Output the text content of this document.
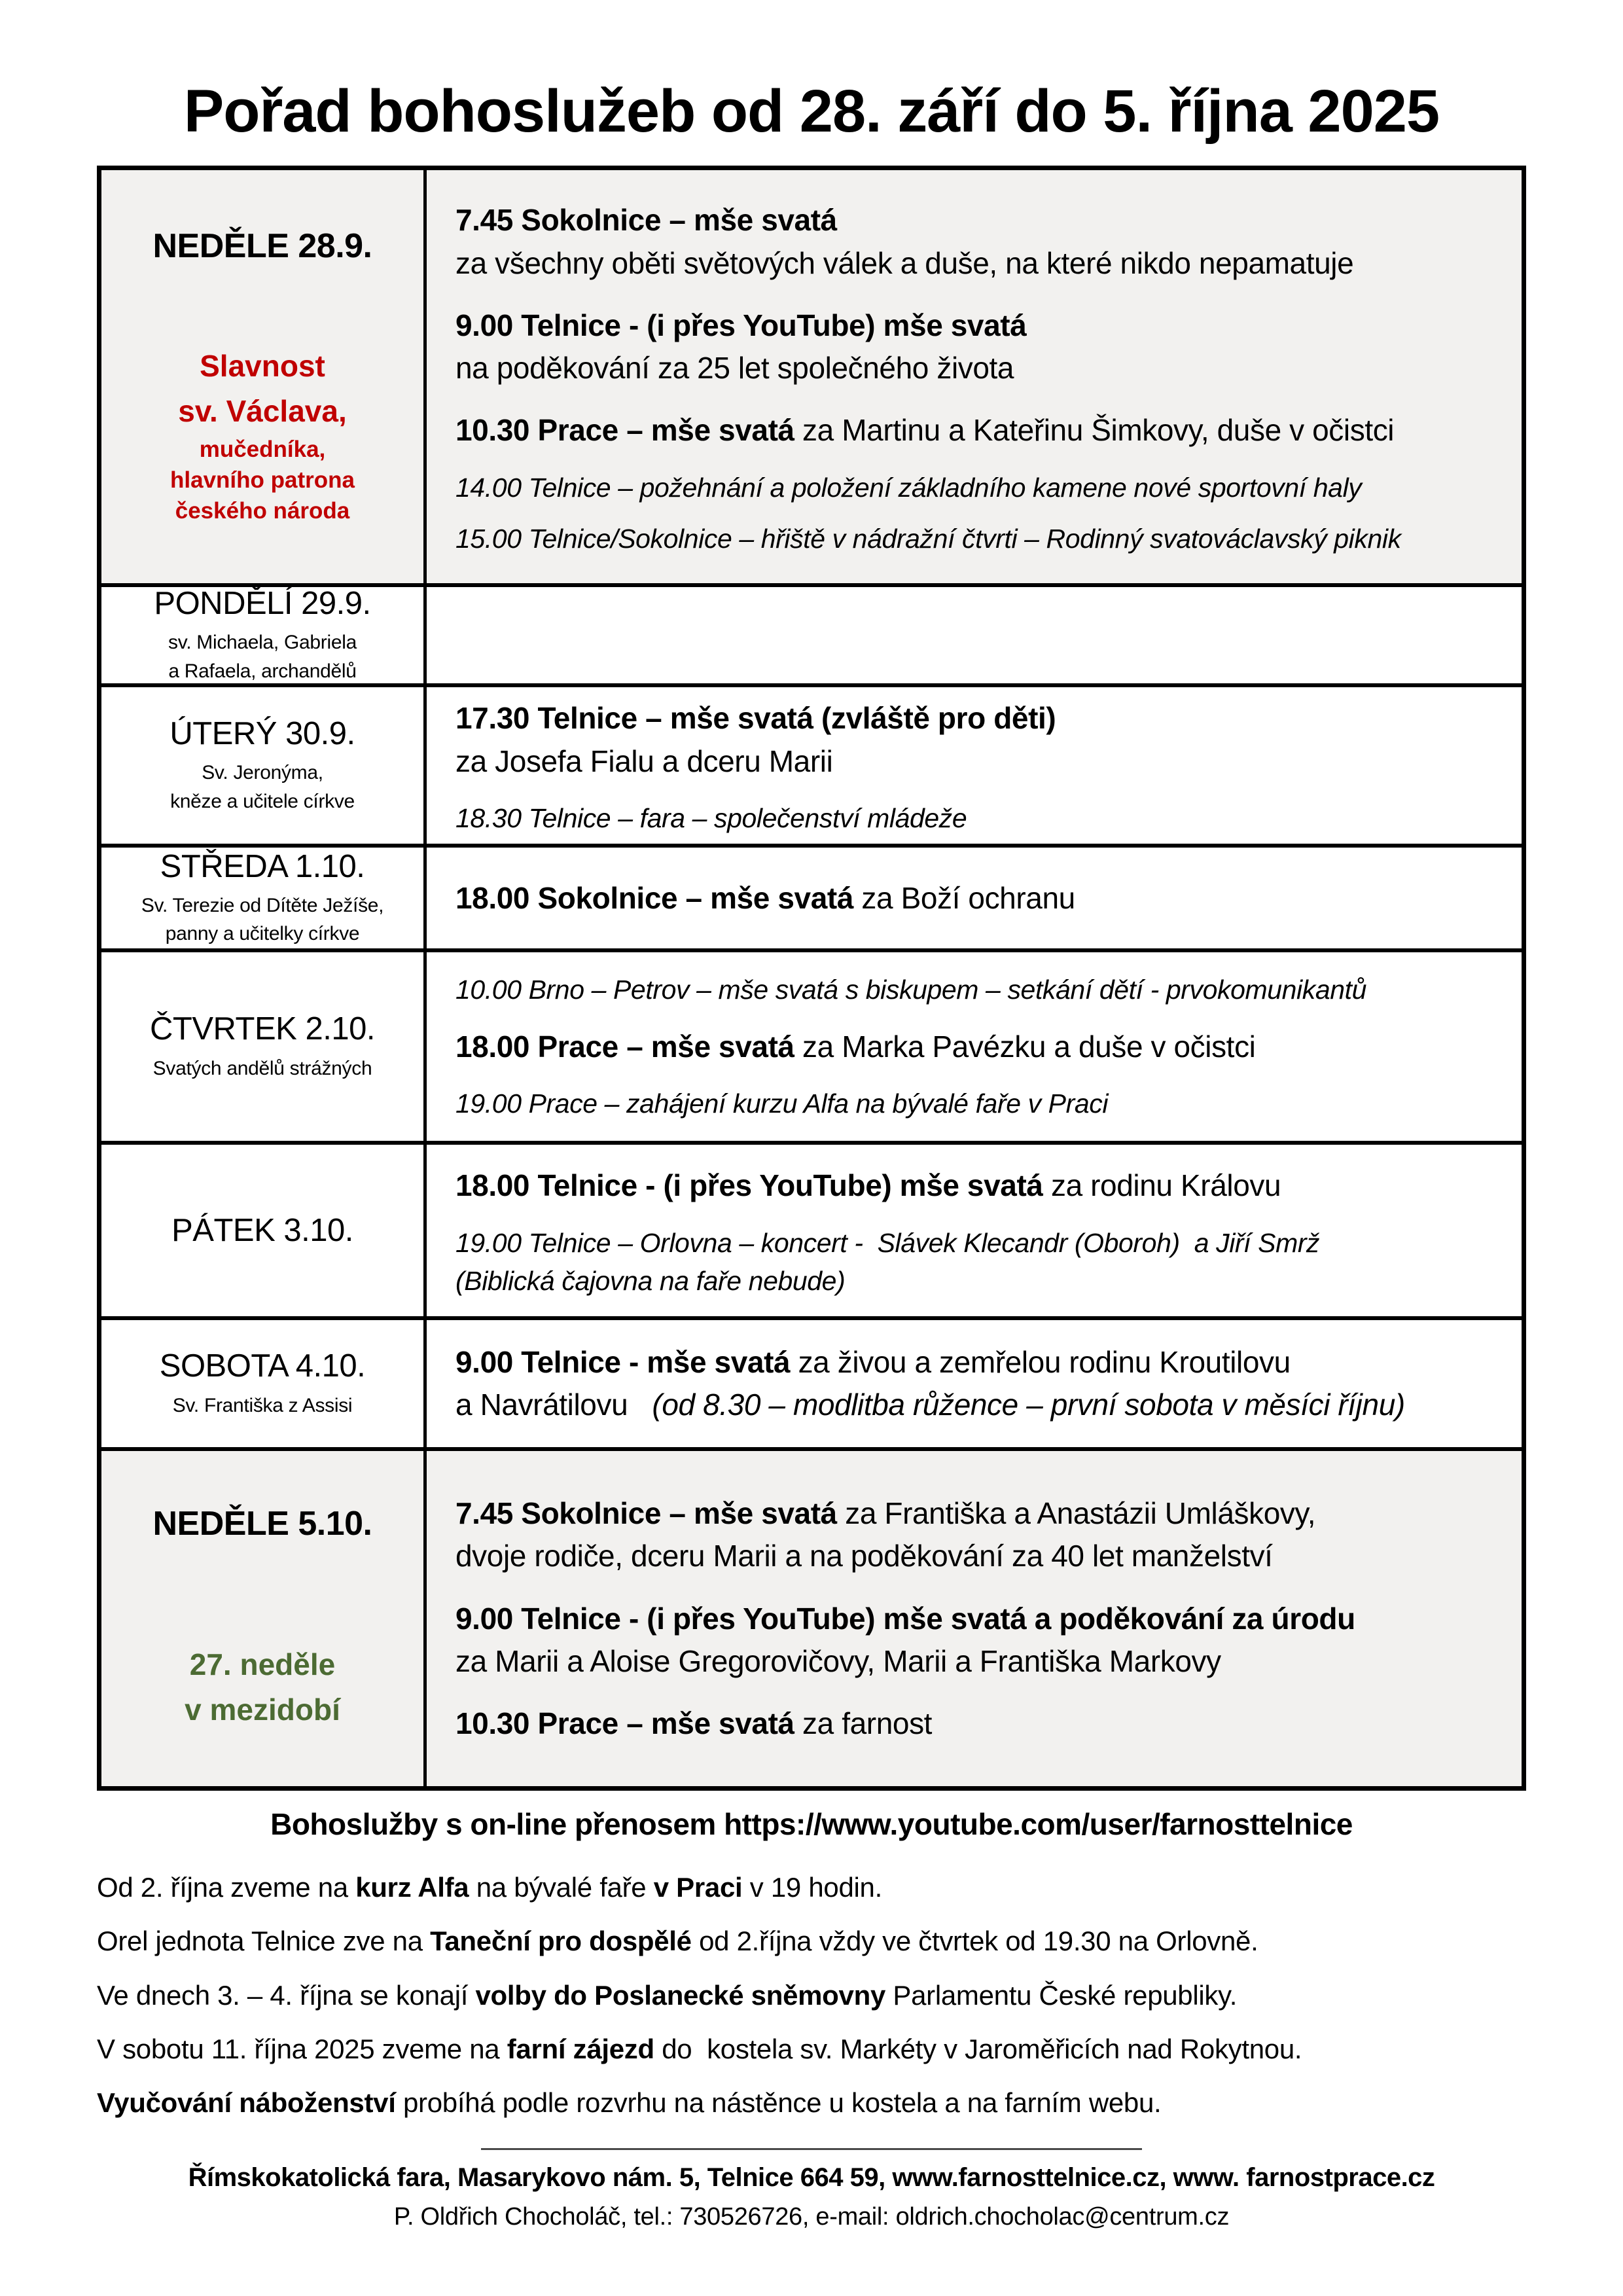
Pořad bohoslužeb od 28. září do 5. října 2025
NEDĚLE 28.9.
Slavnost
sv. Václava,
mučedníka,
hlavního patrona
českého národa
7.45 Sokolnice – mše svatá
za všechny oběti světových válek a duše, na které nikdo nepamatuje
9.00 Telnice - (i přes YouTube) mše svatá
na poděkování za 25 let společného života
10.30 Prace – mše svatá za Martinu a Kateřinu Šimkovy, duše v očistci
14.00 Telnice – požehnání a položení základního kamene nové sportovní haly
15.00 Telnice/Sokolnice – hřiště v nádražní čtvrti – Rodinný svatováclavský piknik
PONDĚLÍ 29.9.
sv. Michaela, Gabriela
a Rafaela, archandělů
ÚTERÝ 30.9.
Sv. Jeronýma,
kněze a učitele církve
17.30 Telnice – mše svatá (zvláště pro děti)
za Josefa Fialu a dceru Marii
18.30 Telnice – fara – společenství mládeže
STŘEDA 1.10.
Sv. Terezie od Dítěte Ježíše,
panny a učitelky církve
18.00 Sokolnice – mše svatá za Boží ochranu
ČTVRTEK 2.10.
Svatých andělů strážných
10.00 Brno – Petrov – mše svatá s biskupem – setkání dětí - prvokomunikantů
18.00 Prace – mše svatá za Marka Pavézku a duše v očistci
19.00 Prace – zahájení kurzu Alfa na bývalé faře v Praci
PÁTEK 3.10.
18.00 Telnice - (i přes YouTube) mše svatá za rodinu Královu
19.00 Telnice – Orlovna – koncert -  Slávek Klecandr (Oboroh)  a Jiří Smrž
(Biblická čajovna na faře nebude)
SOBOTA 4.10.
Sv. Františka z Assisi
9.00 Telnice - mše svatá za živou a zemřelou rodinu Kroutilovu
a Navrátilovu   (od 8.30 – modlitba růžence – první sobota v měsíci říjnu)
NEDĚLE 5.10.
27. neděle
v mezidobí
7.45 Sokolnice – mše svatá za Františka a Anastázii Umláškovy,
dvoje rodiče, dceru Marii a na poděkování za 40 let manželství
9.00 Telnice - (i přes YouTube) mše svatá a poděkování za úrodu
za Marii a Aloise Gregorovičovy, Marii a Františka Markovy
10.30 Prace – mše svatá za farnost
Bohoslužby s on-line přenosem https://www.youtube.com/user/farnosttelnice
Od 2. října zveme na kurz Alfa na bývalé faře v Praci v 19 hodin.
Orel jednota Telnice zve na Taneční pro dospělé od 2.října vždy ve čtvrtek od 19.30 na Orlovně.
Ve dnech 3. – 4. října se konají volby do Poslanecké sněmovny Parlamentu České republiky.
V sobotu 11. října 2025 zveme na farní zájezd do  kostela sv. Markéty v Jaroměřicích nad Rokytnou.
Vyučování náboženství probíhá podle rozvrhu na nástěnce u kostela a na farním webu.
Římskokatolická fara, Masarykovo nám. 5, Telnice 664 59, www.farnosttelnice.cz, www. farnostprace.cz
P. Oldřich Chocholáč, tel.: 730526726, e-mail: oldrich.chocholac@centrum.cz
